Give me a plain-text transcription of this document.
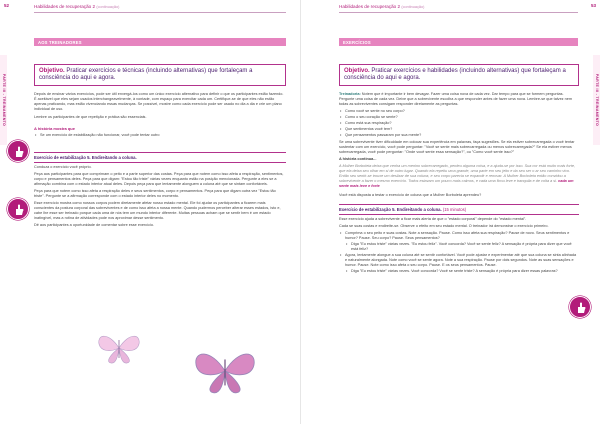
52	Habilidades de recuperação 2 (continuação)
AOS TREINADORES
PARTE III - TREINAMENTO
Objetivo. Praticar exercícios e técnicas (incluindo alternativas) que fortaleçam a consciência do aqui e agora.

Depois de ensinar vários exercícios, pode ser útil enxergá-los como um único exercício alternativo para definir o que os participantes estão fazendo. É aceitável que eles sejam usados interchangeavelmente, à vontade, com espaço para exercitar cada um. Certifique-se de que eles não estão apenas praticando, mas estão vivenciando essas mudanças. Se possível, mostre como cada exercício pode ser usado no dia a dia e crie um plano individual de uso.

Lembre os participantes de que repetição e prática são essenciais.

A história mostra que
• Se um exercício de estabilização não funcionar, você pode tentar outro
Exercício de estabilização 5. Endireitando a coluna.

Conduza o exercício você próprio.

Peça aos participantes para que comprimam o peito e a parte superior das costas. Peça para que notem como isso afeta a respiração, sentimentos, corpo e pensamentos deles. Peça para que digam: "Estou tão triste" várias vezes enquanto estão na posição mencionada. Pergunte a eles se a afirmação combina com o estado interior atual deles. Depois peça para que lentamente alonguem a coluna até que se sintam confortáveis.

Peça para que notem como isso afeta a respiração deles e seus sentimentos, corpo e pensamentos. Peça para que digam outra vez "Estou tão triste". Pergunte se a afirmação corresponde com o estado interior deles no momento.

Esse exercício mostra como nossos corpos podem diretamente afetar nosso estado mental. Ele foi ajudar os participantes a ficarem mais conscientes da postura corporal das sobreviventes e de como isso afeta a nossa mente. Quando pudermos perceber alterar esses estados, isto e, cabe lhe esse ser treinado porque cada uma de nós tem um mundo interior diferente. Muitas pessoas acham que se sentir bem é um estado inatingível, mas a rotina de atividades pode nos aproximar desse sentimento.

Dê aos participantes a oportunidade de comentar sobre esse exercício.

53
Habilidades de recuperação 2 (continuação)
EXERCÍCIOS
PARTE III - TREINAMENTO
Objetivo. Praticar exercícios e habilidades (incluindo alternativas) que fortaleçam a consciência do aqui e agora.

Treinadoria: Notem que é importante ir bem devagar. Fazer uma coisa nova de cada vez. Dar tempo para que se formem perguntas. Pergunte uma coisa de cada vez. Deixe que a sobrevivente escolha a que responder antes de fazer uma nova. Lembre-se que talvez nem todas as sobreviventes consigam responder diretamente as perguntas.

• Como você se sente no seu corpo?
• Como o seu coração se sente?
• Como está sua respiração?
• Que sentimentos você tem?
• Que pensamentos passaram por sua mente?

Se uma sobrevivente tiver dificuldade em colocar sua experiência em palavras, faça sugestões. Se ela estiver sobrecarregada o você tentar sustentar com um exercício, você pode perguntar: "Você se sente mais sobrecarregada ou menos sobrecarregada?" Se ela estiver menos sobrecarregada, você pode perguntar: "Onde você sente essa sensação?", ou "Como você sente isso?"

A história continua...

A Mulher Borboleta deixa que venha um menino sobrecarregado, perdeu alguma coisa, e a ajuda-se por isso. Sua cor está muito mais forte, que ela deixa seu olhar em si de outro lugar. Quando ela repetiu uma grande, uma parte em seu jeito e da seu ser o ar seu caminho vivo. Então seu sentir-se trouxe um deslizar de sua coluna, e seu corpo parecia se expandir e renovar. A Mulher Borboleta então convidou a sobrevivente a fazer o mesmo exercício. Todos estavam um pouco mais calmos, e cada uma ficou leve e tranquila e de volta a si. cada um sente mais leve e forte

Você está disposta a testar o exercício de coluna que a Mulher Borboleta aprendeu?

Exercício de estabilização 5. Endireitando a coluna. (15 minutos)

Esse exercício ajuda a sobrevivente a ficar mais alerta de que o "estado corporal" depende do "estado mental".

Cada se suas costas e endireite-se. Observe o efeito em seu estado mental. O treinador irá demonstrar o exercício primeiro.

• Comprima o seu peito e suas costas. Note a sensação. Pause. Como isso afeta sua respiração? Pause de novo. Seus sentimentos e humor? Pause. Seu corpo? Pause. Seus pensamentos?
• Diga "Eu estou triste" várias vezes. "Eu estou feliz". Você concorda? Você se sente feliz? A sensação é própria para dizer que você está feliz?
• Agora, lentamente alongue a sua coluna até se sentir confortável. Você pode ajustar e experimentar até que sua coluna se sinta alinhada e naturalmente alongada. Note como você se sente agora. Note a sua respiração. Pause por dois segundos. Note as suas sensações e humor. Pause. Note como isso afeta o seu corpo. Pause. E os seus pensamentos. Pause.
• Diga "Eu estou triste" várias vezes. Você concorda? Você se sente triste? A sensação é própria para dizer essas palavras?
